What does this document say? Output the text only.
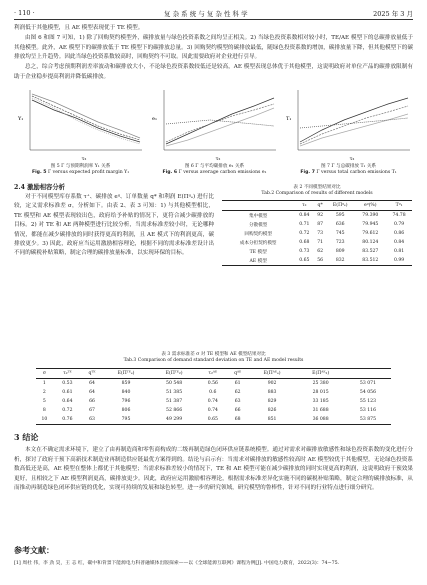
· 110 ·	复 杂 系 统 与 复 杂 性 科 学	2025 年 3 月
利润低于其他模型，且 AE 模型表现优于 TE 模型。
由图 6 和图 7 可知，1) 除了回购契约模型外，碳排放量与绿色投资系数之间均呈正相关。2) 当绿色投资系数相对较小时，TE/AE 模型下的总碳排放量低于其他模型。此外，AE 模型下的碳排放低于 TE 模型下的碳排放总量。3) 回购契约模型的碳排放最低，随绿色投资系数的增加，碳排放量下降，但其他模型下的碳排放均呈上升趋势。因此当绿色投资系数较高时，回购契约不可取。因此需要政府对企业进行引导。
总之，综合考虑预期利润差率波动和碳排放大小，不论绿色投资系数较低还是较高，AE 模型表现总体优于其他模型，这说明政府对单位产品的碳排放限制有助于企业稳步提高利润并降低碳排放。
τ₂
Y₁
图 5 Γ 与预期利润率 Y₁ 关系
Fig. 5 Γ versus expected profit margin Y₁
τ₂
e₁
图 6 Γ 与平均碳排放 e₁ 关系
Fig. 6 Γ versus average carbon emissions e₁
τ₂
T₁
图 7 Γ 与总碳排放 T₁ 关系
Fig. 7 Γ versus total carbon emissions T₁
2.4 激励相容分析
对于不同模型库存系数 τ⁺、碳排放 eᵍ、订单数量 q* 和利润 E(Πᵍₑ) 进行比较，定义需求标准差 σ，分析如下。由表 2、表 3 可知：1) 与其他模型相比，TE 模型和 AE 模型表现较出色，政府给予补贴的情况下，更符合减少碳排放的目标。2) 对 TE 和 AE 两种模型进行比较分析，当需求标准差较小时，无论哪种情况，都能在减少碳排放的同时获得更高的利润，且 AE 模式下的利润更高，碳排放更少。3) 因此，政府应当运用激励相容理论，根据不同的需求标准差设计出不同的碳税补贴策略，制定合理的碳排放量标准，以实现环保的目标。
表 2 不同模型结果对比
Tab.2 Comparison of results of different models
	τ₂	q*	E(Πᵍₑ)	eᵍ(%)	Tᵍ₁
集中模型	0.84	92	595	79.390	74.78
分散模型	0.71	87	636	79.945	0.79
回购契约模型	0.72	73	745	79.612	0.86
成本分担契约模型	0.68	71	723	80.124	0.84
TE 模型	0.73	62	809	83.527	0.81
AE 模型	0.65	56	832	83.512	0.99
表 3 需求标准差 σ 对 TE 模型和 AE 模型结果对比
Tab.3 Comparison of demand standard deviation on TE and AE model results
σ	τ₂ᵀᴱ	qᵀᴱ	E(Πᵀᴱₑ)	E(Πᵀᴱ₂)	τ₂ᴬᴱ	qᴬᴱ	E(Πᴬᴱₑ)	E(Πᴬᴱ₂)	
1	0.53	64	859	50 548	0.56	61	902	25 380	53 071
2	0.61	64	840	51 385	0.6	62	883	28 015	54 056
5	0.64	66	796	51 387	0.74	63	829	33 185	55 123
8	0.72	67	806	52 866	0.74	66	826	31 688	53 116
10	0.76	63	795	49 299	0.65	68	851	36 088	53 875
3 结论
本文在不确定需求环境下，建立了由再制造商和零售商构成的二级再制造绿色闭环供应链系统模型。通过对需求对碳排放敏感性和绿色投资系数的变化进行分析，探讨了政府干预下高新技术制造业再制造供应链最优方案得到的。结论与启示有：当需求对碳排放的敏感性较高时 AE 模型较优于其他模型，无论绿色投资系数高低还是高，AE 模型在整体上都优于其他模型；当需求标准差较小的情况下，TE 和 AE 模型可能在减少碳排放的同时实现更高的利润，这说明政府干预效果更好，且相较之下 AE 模型利润更高，碳排放更少。因此，政府应运用激励相容理论，根据需求标准差异化实施不同的碳税补贴策略，制定合理的碳排放标准，从而推动再制造绿色闭环供应链的优化，实现可持续的发展和绿色转型。进一步的研究领域，研究模型的鲁棒性，针对不同的行业特点进行细分研究。
参考文献：
[1] 周杜 伟，李 劲 昊，王 志 红，碳中和背景下能源电力科普融媒体出版探索——以《全球能源互联网》课程为例[J]. 中国电力教育，2022(3)：74−75.
